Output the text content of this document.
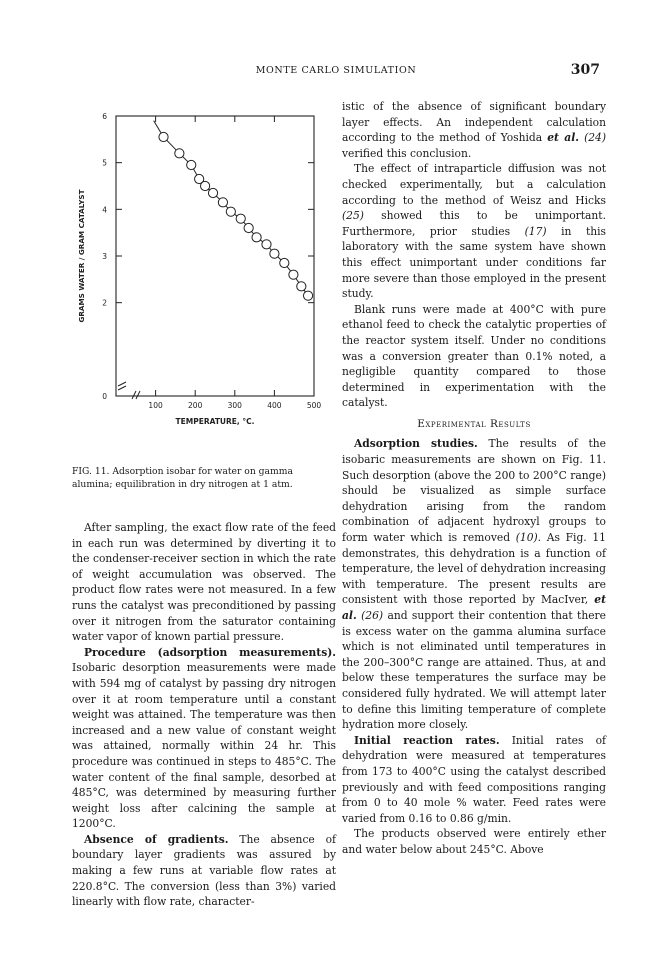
MONTE CARLO SIMULATION	307
0
2
3
4
5
6
100	200	300	400	500
TEMPERATURE, °C.
GRAMS WATER / GRAM CATALYST
FIG. 11. Adsorption isobar for water on gamma alumina; equilibration in dry nitrogen at 1 atm.

After sampling, the exact flow rate of the feed in each run was determined by diverting it to the condenser-receiver section in which the rate of weight accumulation was observed. The product flow rates were not measured. In a few runs the catalyst was preconditioned by passing over it nitrogen from the saturator containing water vapor of known partial pressure.

Procedure (adsorption measurements). Isobaric desorption measurements were made with 594 mg of catalyst by passing dry nitrogen over it at room temperature until a constant weight was attained. The temperature was then increased and a new value of constant weight was attained, normally within 24 hr. This procedure was continued in steps to 485°C. The water content of the final sample, desorbed at 485°C, was determined by measuring further weight loss after calcining the sample at 1200°C.

Absence of gradients. The absence of boundary layer gradients was assured by making a few runs at variable flow rates at 220.8°C. The conversion (less than 3%) varied linearly with flow rate, character-

istic of the absence of significant boundary layer effects. An independent calculation according to the method of Yoshida et al. (24) verified this conclusion.

The effect of intraparticle diffusion was not checked experimentally, but a calculation according to the method of Weisz and Hicks (25) showed this to be unimportant. Furthermore, prior studies (17) in this laboratory with the same system have shown this effect unimportant under conditions far more severe than those employed in the present study.

Blank runs were made at 400°C with pure ethanol feed to check the catalytic properties of the reactor system itself. Under no conditions was a conversion greater than 0.1% noted, a negligible quantity compared to those determined in experimentation with the catalyst.

Experimental Results

Adsorption studies. The results of the isobaric measurements are shown on Fig. 11. Such desorption (above the 200 to 200°C range) should be visualized as simple surface dehydration arising from the random combination of adjacent hydroxyl groups to form water which is removed (10). As Fig. 11 demonstrates, this dehydration is a function of temperature, the level of dehydration increasing with temperature. The present results are consistent with those reported by MacIver, et al. (26) and support their contention that there is excess water on the gamma alumina surface which is not eliminated until temperatures in the 200–300°C range are attained. Thus, at and below these temperatures the surface may be considered fully hydrated. We will attempt later to define this limiting temperature of complete hydration more closely.

Initial reaction rates. Initial rates of dehydration were measured at temperatures from 173 to 400°C using the catalyst described previously and with feed compositions ranging from 0 to 40 mole % water. Feed rates were varied from 0.16 to 0.86 g/min.

The products observed were entirely ether and water below about 245°C. Above
